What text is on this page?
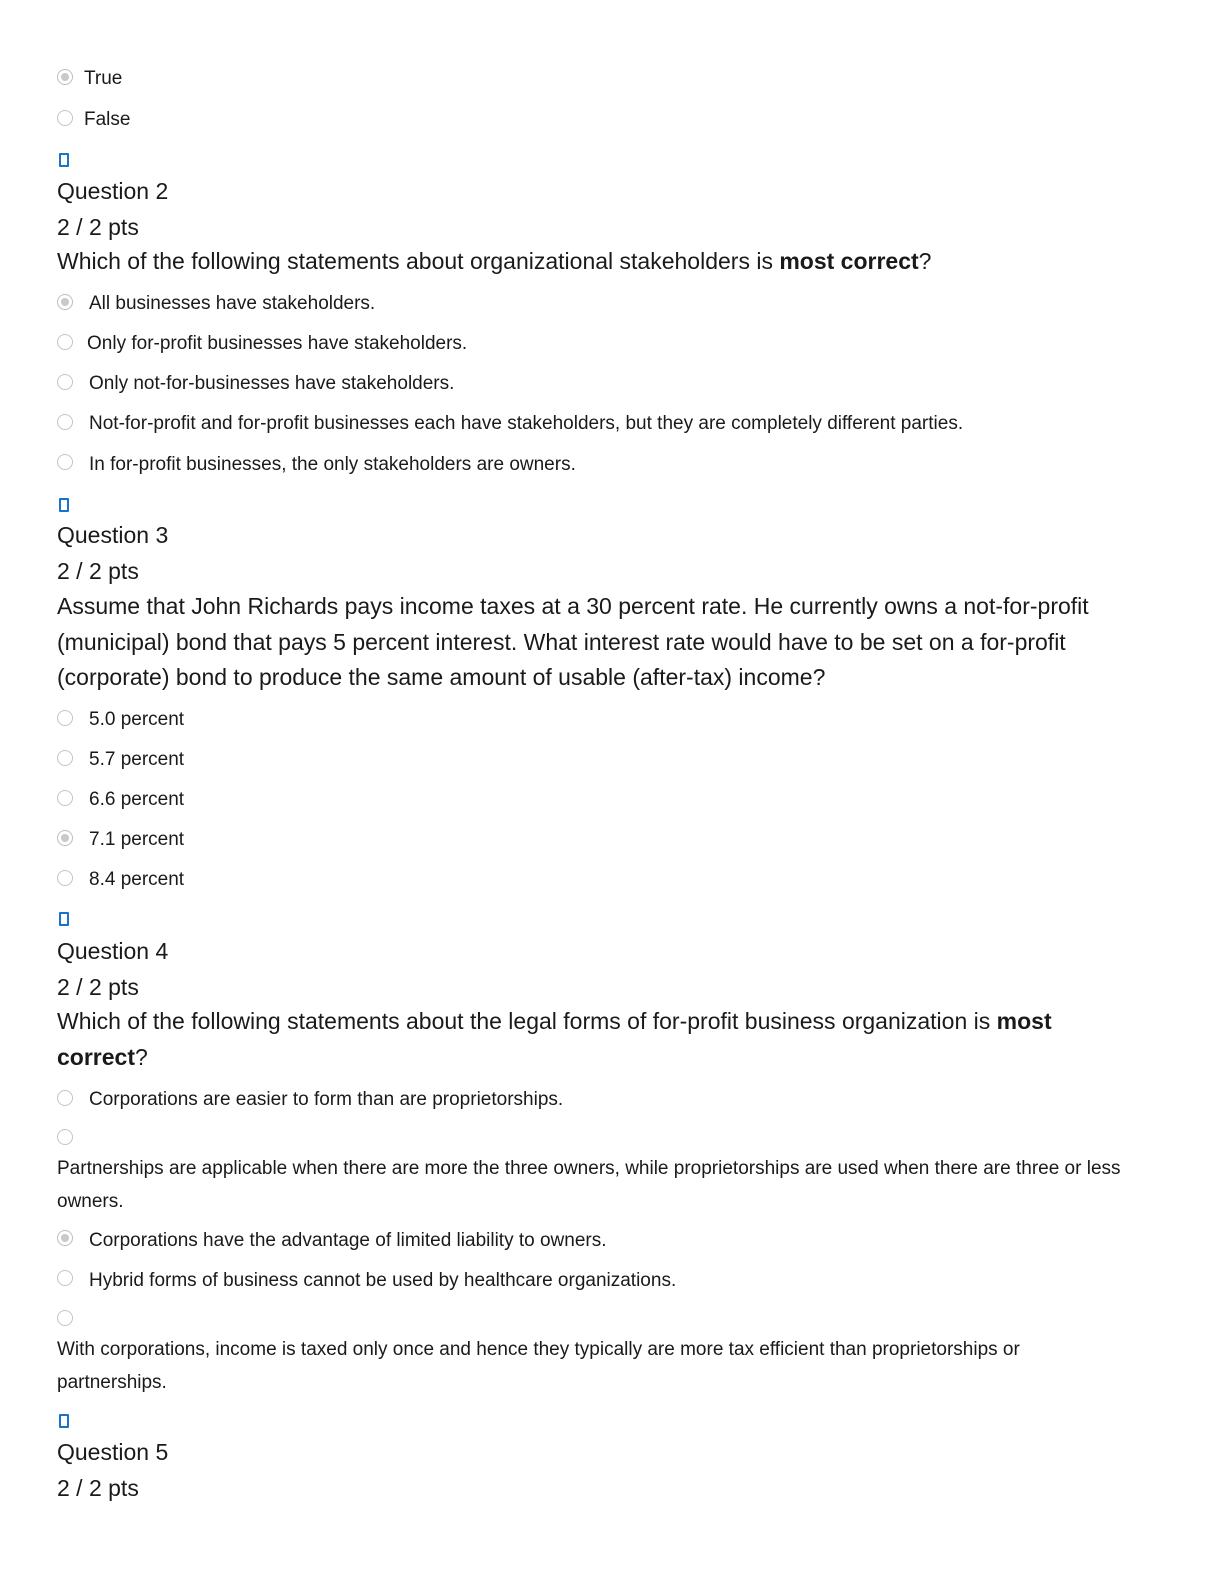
True
False
Question 2
2 / 2 pts
Which of the following statements about organizational stakeholders is most correct?
All businesses have stakeholders.
Only for-profit businesses have stakeholders.
Only not-for-businesses have stakeholders.
Not-for-profit and for-profit businesses each have stakeholders, but they are completely different parties.
In for-profit businesses, the only stakeholders are owners.
Question 3
2 / 2 pts
Assume that John Richards pays income taxes at a 30 percent rate. He currently owns a not-for-profit (municipal) bond that pays 5 percent interest. What interest rate would have to be set on a for-profit (corporate) bond to produce the same amount of usable (after-tax) income?
5.0 percent
5.7 percent
6.6 percent
7.1 percent
8.4 percent
Question 4
2 / 2 pts
Which of the following statements about the legal forms of for-profit business organization is most correct?
Corporations are easier to form than are proprietorships.
Partnerships are applicable when there are more the three owners, while proprietorships are used when there are three or less owners.
Corporations have the advantage of limited liability to owners.
Hybrid forms of business cannot be used by healthcare organizations.
With corporations, income is taxed only once and hence they typically are more tax efficient than proprietorships or partnerships.
Question 5
2 / 2 pts
